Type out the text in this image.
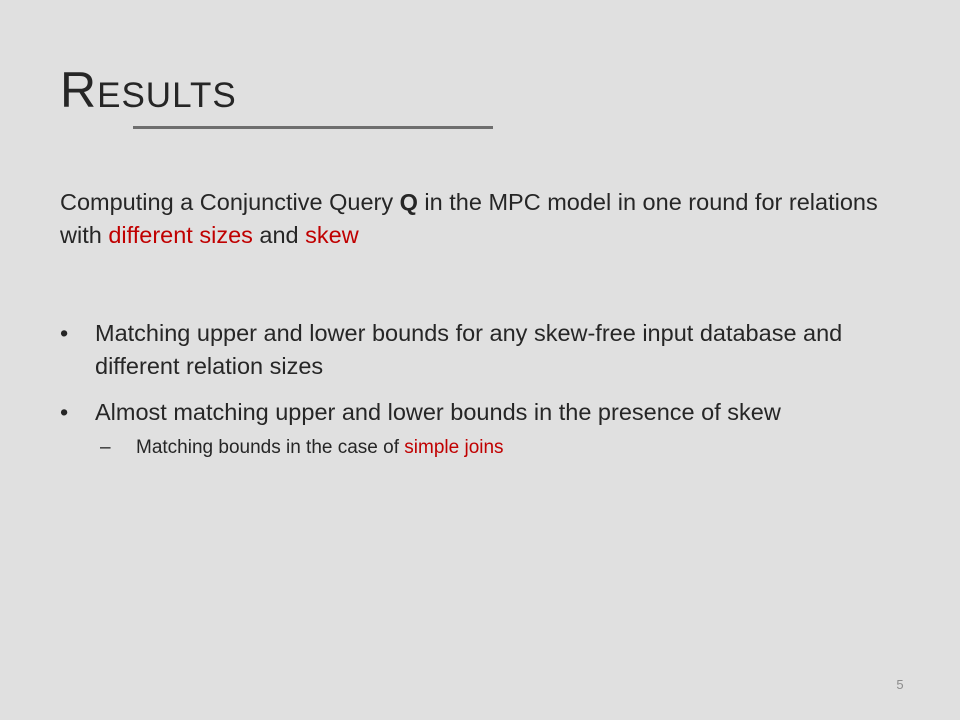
Results
Computing a Conjunctive Query Q in the MPC model in one round for relations with different sizes and skew
•	Matching upper and lower bounds for any skew-free input database and different relation sizes
•	Almost matching upper and lower bounds in the presence of skew
– Matching bounds in the case of simple joins
5
